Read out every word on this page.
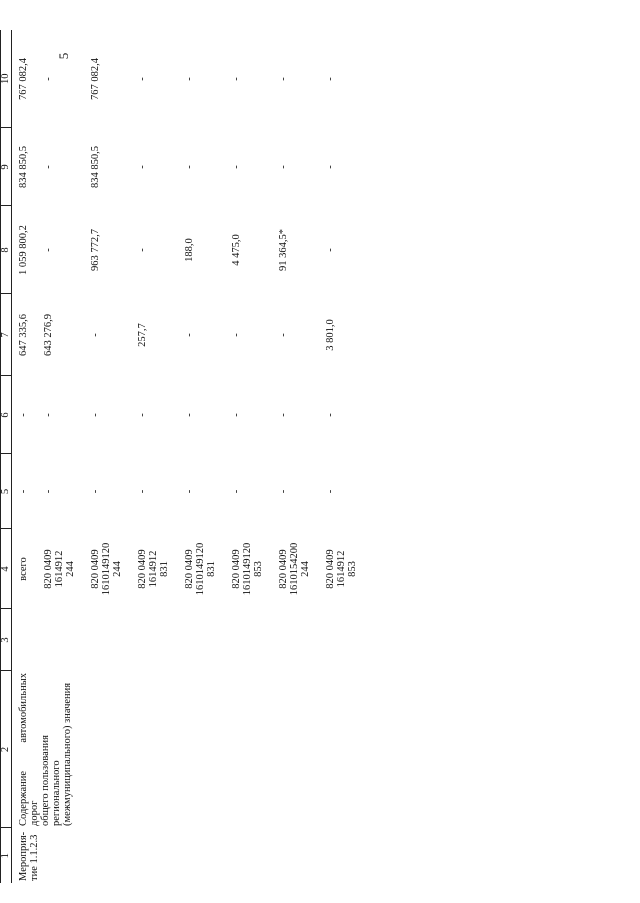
5
1	2	3	4	5	6	7	8	9	10

Мероприя- тие 1.1.2.3	Содержание автомобильных дорог общего пользования регионального (межмуниципального) значения		всего	-	-	647 335,6	1 059 800,2	834 850,5	767 082,4

			820 0409 1614912 244	-	-	643 276,9	-	-	-

			820 0409 1610149120 244	-	-	-	963 772,7	834 850,5	767 082,4

			820 0409 1614912 831	-	-	257,7	-	-	-

			820 0409 1610149120 831	-	-	-	188,0	-	-

			820 0409 1610149120 853	-	-	-	4 475,0	-	-

			820 0409 1610154200 244	-	-	-	91 364,5*	-	-

			820 0409 1614912 853	-	-	3 801,0	-	-	-
